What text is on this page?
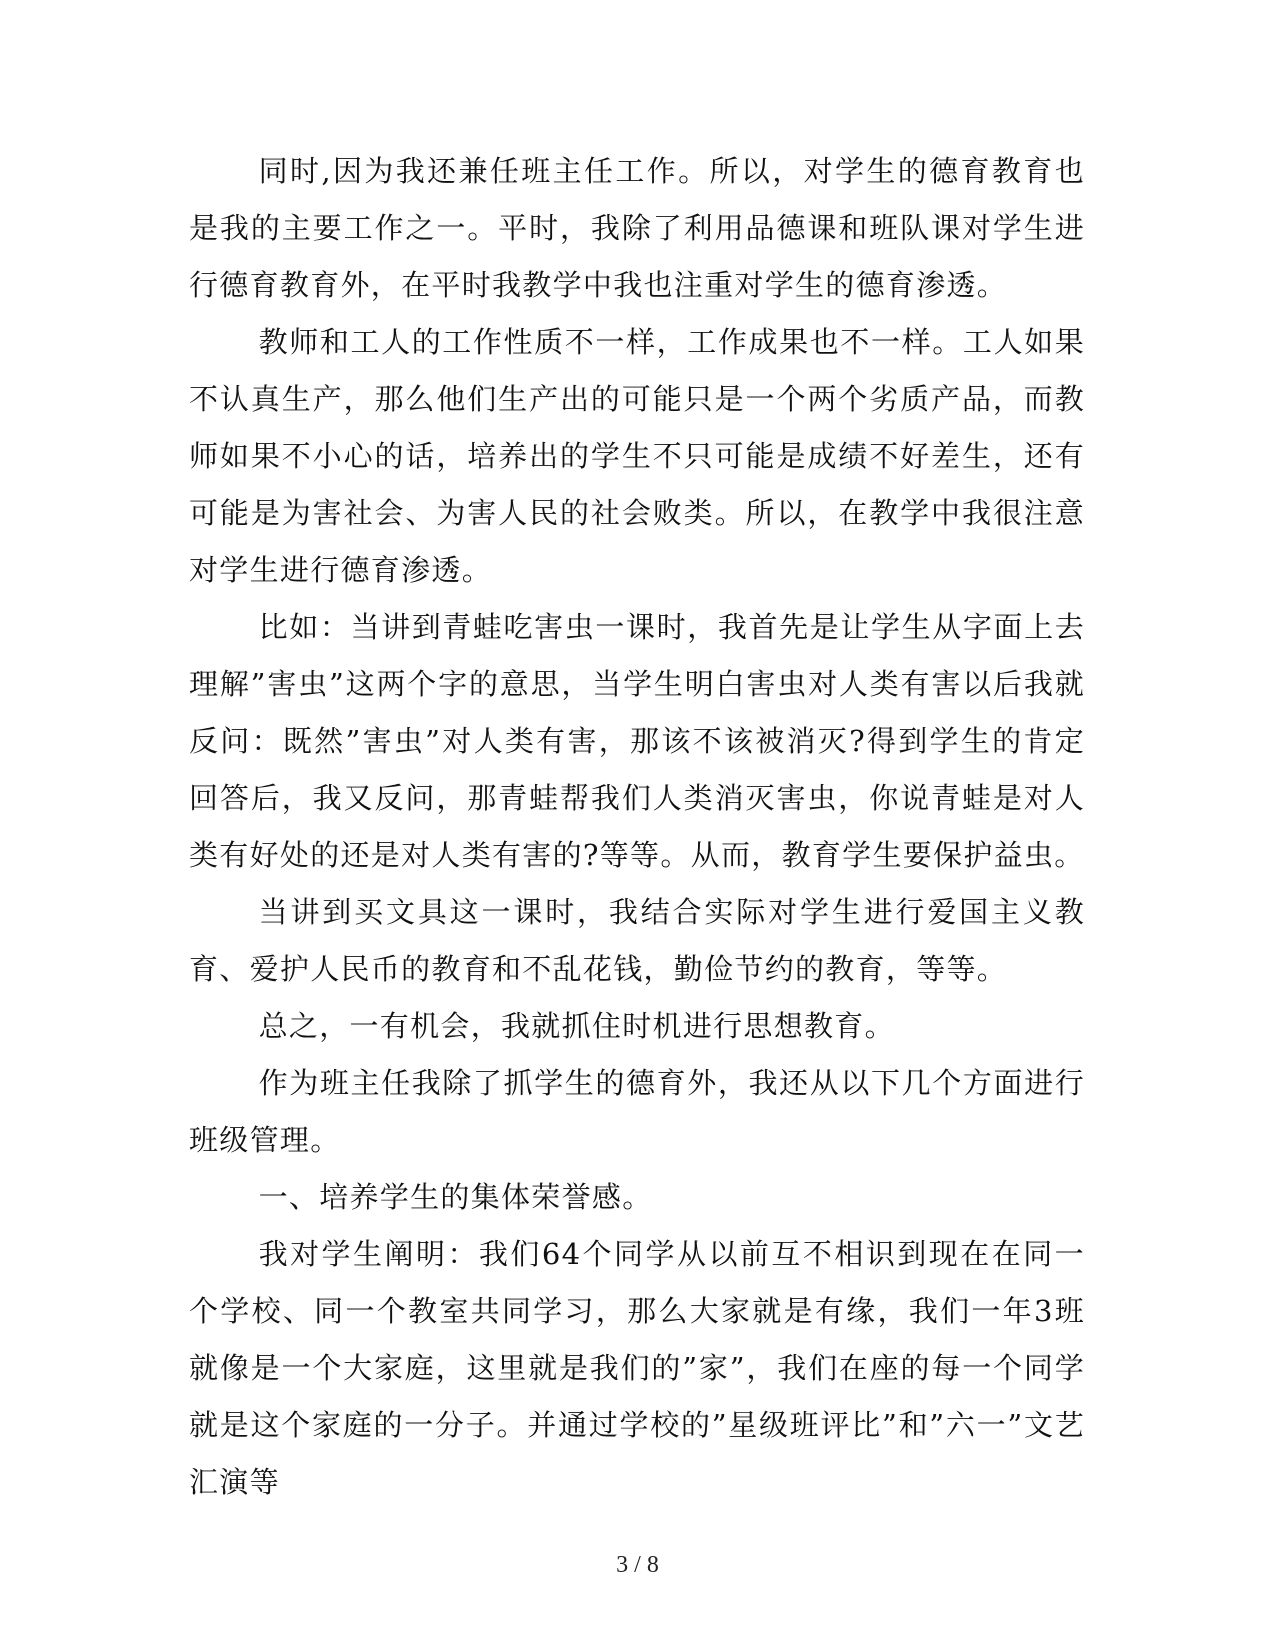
同时,因为我还兼任班主任工作。所以，对学生的德育教育也是我的主要工作之一。平时，我除了利用品德课和班队课对学生进行德育教育外，在平时我教学中我也注重对学生的德育渗透。

教师和工人的工作性质不一样，工作成果也不一样。工人如果不认真生产，那么他们生产出的可能只是一个两个劣质产品，而教师如果不小心的话，培养出的学生不只可能是成绩不好差生，还有可能是为害社会、为害人民的社会败类。所以，在教学中我很注意对学生进行德育渗透。

比如：当讲到青蛙吃害虫一课时，我首先是让学生从字面上去理解”害虫”这两个字的意思，当学生明白害虫对人类有害以后我就反问：既然”害虫”对人类有害，那该不该被消灭?得到学生的肯定回答后，我又反问，那青蛙帮我们人类消灭害虫，你说青蛙是对人类有好处的还是对人类有害的?等等。从而，教育学生要保护益虫。

当讲到买文具这一课时，我结合实际对学生进行爱国主义教育、爱护人民币的教育和不乱花钱，勤俭节约的教育，等等。

总之，一有机会，我就抓住时机进行思想教育。

作为班主任我除了抓学生的德育外，我还从以下几个方面进行班级管理。

一、培养学生的集体荣誉感。

我对学生阐明：我们64个同学从以前互不相识到现在在同一个学校、同一个教室共同学习，那么大家就是有缘，我们一年3班就像是一个大家庭，这里就是我们的”家”，我们在座的每一个同学就是这个家庭的一分子。并通过学校的”星级班评比”和”六一”文艺汇演等

3 / 8
